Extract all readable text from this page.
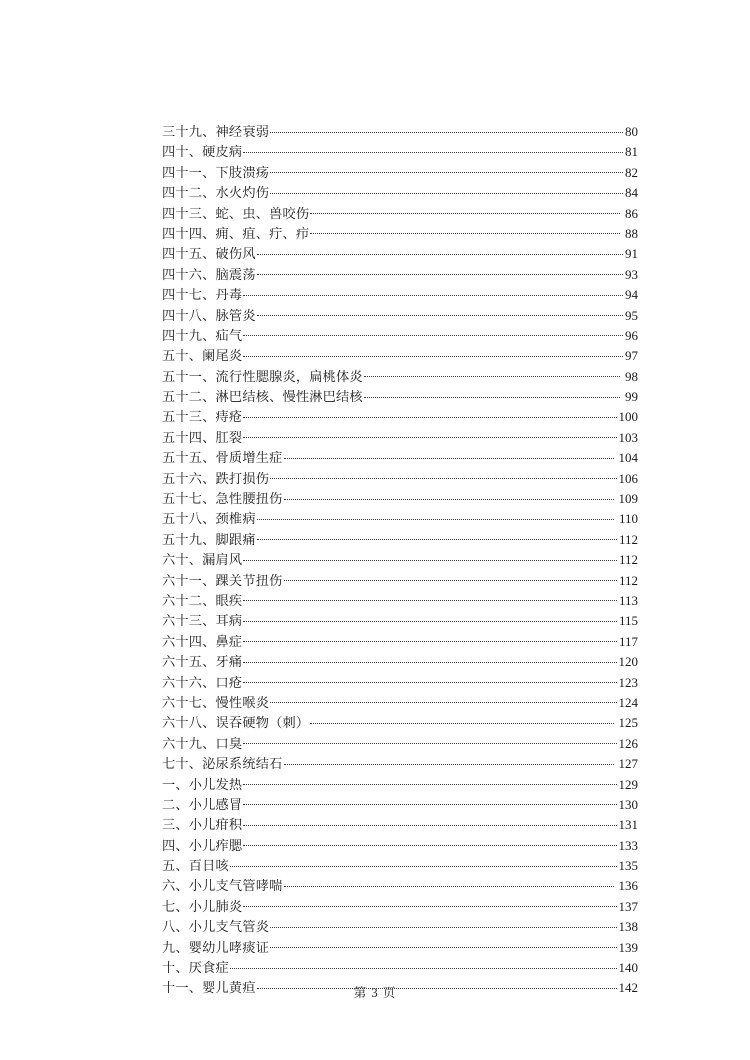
三十九、神经衰弱	80
四十、硬皮病	81
四十一、下肢溃疡	82
四十二、水火灼伤	84
四十三、蛇、虫、兽咬伤	86
四十四、痈、疽、疔、疖	88
四十五、破伤风	91
四十六、脑震荡	93
四十七、丹毒	94
四十八、脉管炎	95
四十九、疝气	96
五十、阑尾炎	97
五十一、流行性腮腺炎，扁桃体炎	98
五十二、淋巴结核、慢性淋巴结核	99
五十三、痔疮	100
五十四、肛裂	103
五十五、骨质增生症	104
五十六、跌打损伤	106
五十七、急性腰扭伤	109
五十八、颈椎病	110
五十九、脚跟痛	112
六十、漏肩风	112
六十一、踝关节扭伤	112
六十二、眼疾	113
六十三、耳病	115
六十四、鼻症	117
六十五、牙痛	120
六十六、口疮	123
六十七、慢性喉炎	124
六十八、误吞硬物（刺）	125
六十九、口臭	126
七十、泌尿系统结石	127
一、小儿发热	129
二、小儿感冒	130
三、小儿疳积	131
四、小儿痄腮	133
五、百日咳	135
六、小儿支气管哮喘	136
七、小儿肺炎	137
八、小儿支气管炎	138
九、婴幼儿哮痰证	139
十、厌食症	140
十一、婴儿黄疸	142
第 3 页
